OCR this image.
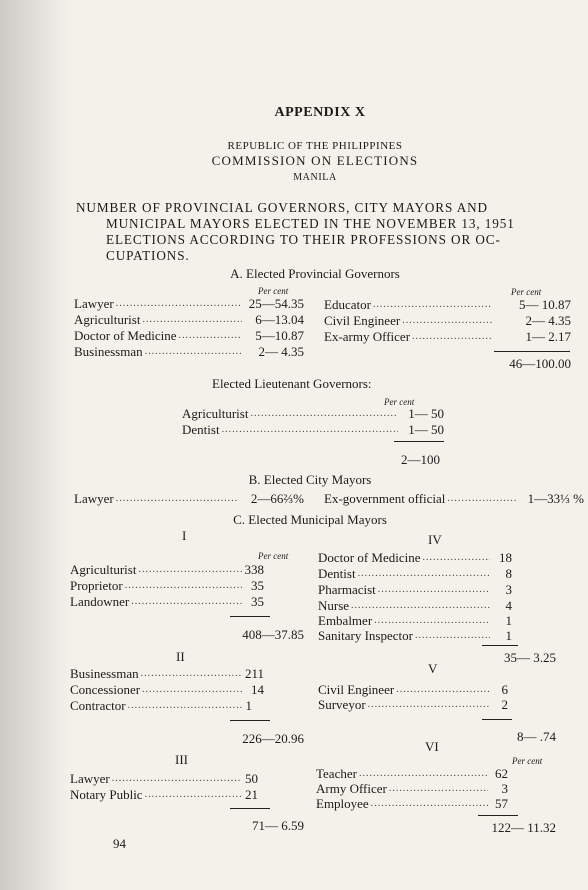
APPENDIX X
REPUBLIC OF THE PHILIPPINES
COMMISSION ON ELECTIONS
MANILA
NUMBER OF PROVINCIAL GOVERNORS, CITY MAYORS AND
MUNICIPAL MAYORS ELECTED IN THE NOVEMBER 13, 1951
ELECTIONS ACCORDING TO THEIR PROFESSIONS OR OC-
CUPATIONS.
A. Elected Provincial Governors
Per cent	Per cent
Lawyer .....	25—54.35
Agriculturist .....	6—13.04
Doctor of Medicine .....	5—10.87
Businessman .....	2— 4.35
Educator .....	5— 10.87
Civil Engineer .....	2— 4.35
Ex-army Officer .....	1— 2.17
46—100.00
Elected Lieutenant Governors:
Per cent
Agriculturist .....	1— 50
Dentist .....	1— 50
2—100
B. Elected City Mayors
Lawyer .....	2—66⅔% Ex-government official .....	1—33⅓ %
C. Elected Municipal Mayors
I
Per cent
Agriculturist .....	338
Proprietor .....	35
Landowner .....	35
408—37.85
II
Businessman .....	211
Concessioner .....	14
Contractor .....	1
226—20.96
III
Lawyer .....	50
Notary Public .....	21
71— 6.59
IV
Doctor of Medicine .....	18
Dentist .....	8
Pharmacist .....	3
Nurse .....	4
Embalmer .....	1
Sanitary Inspector .....	1
35— 3.25
V
Civil Engineer .....	6
Surveyor .....	2
8— .74
VI
Per cent
Teacher .....	62
Army Officer .....	3
Employee .....	57
122— 11.32
94
